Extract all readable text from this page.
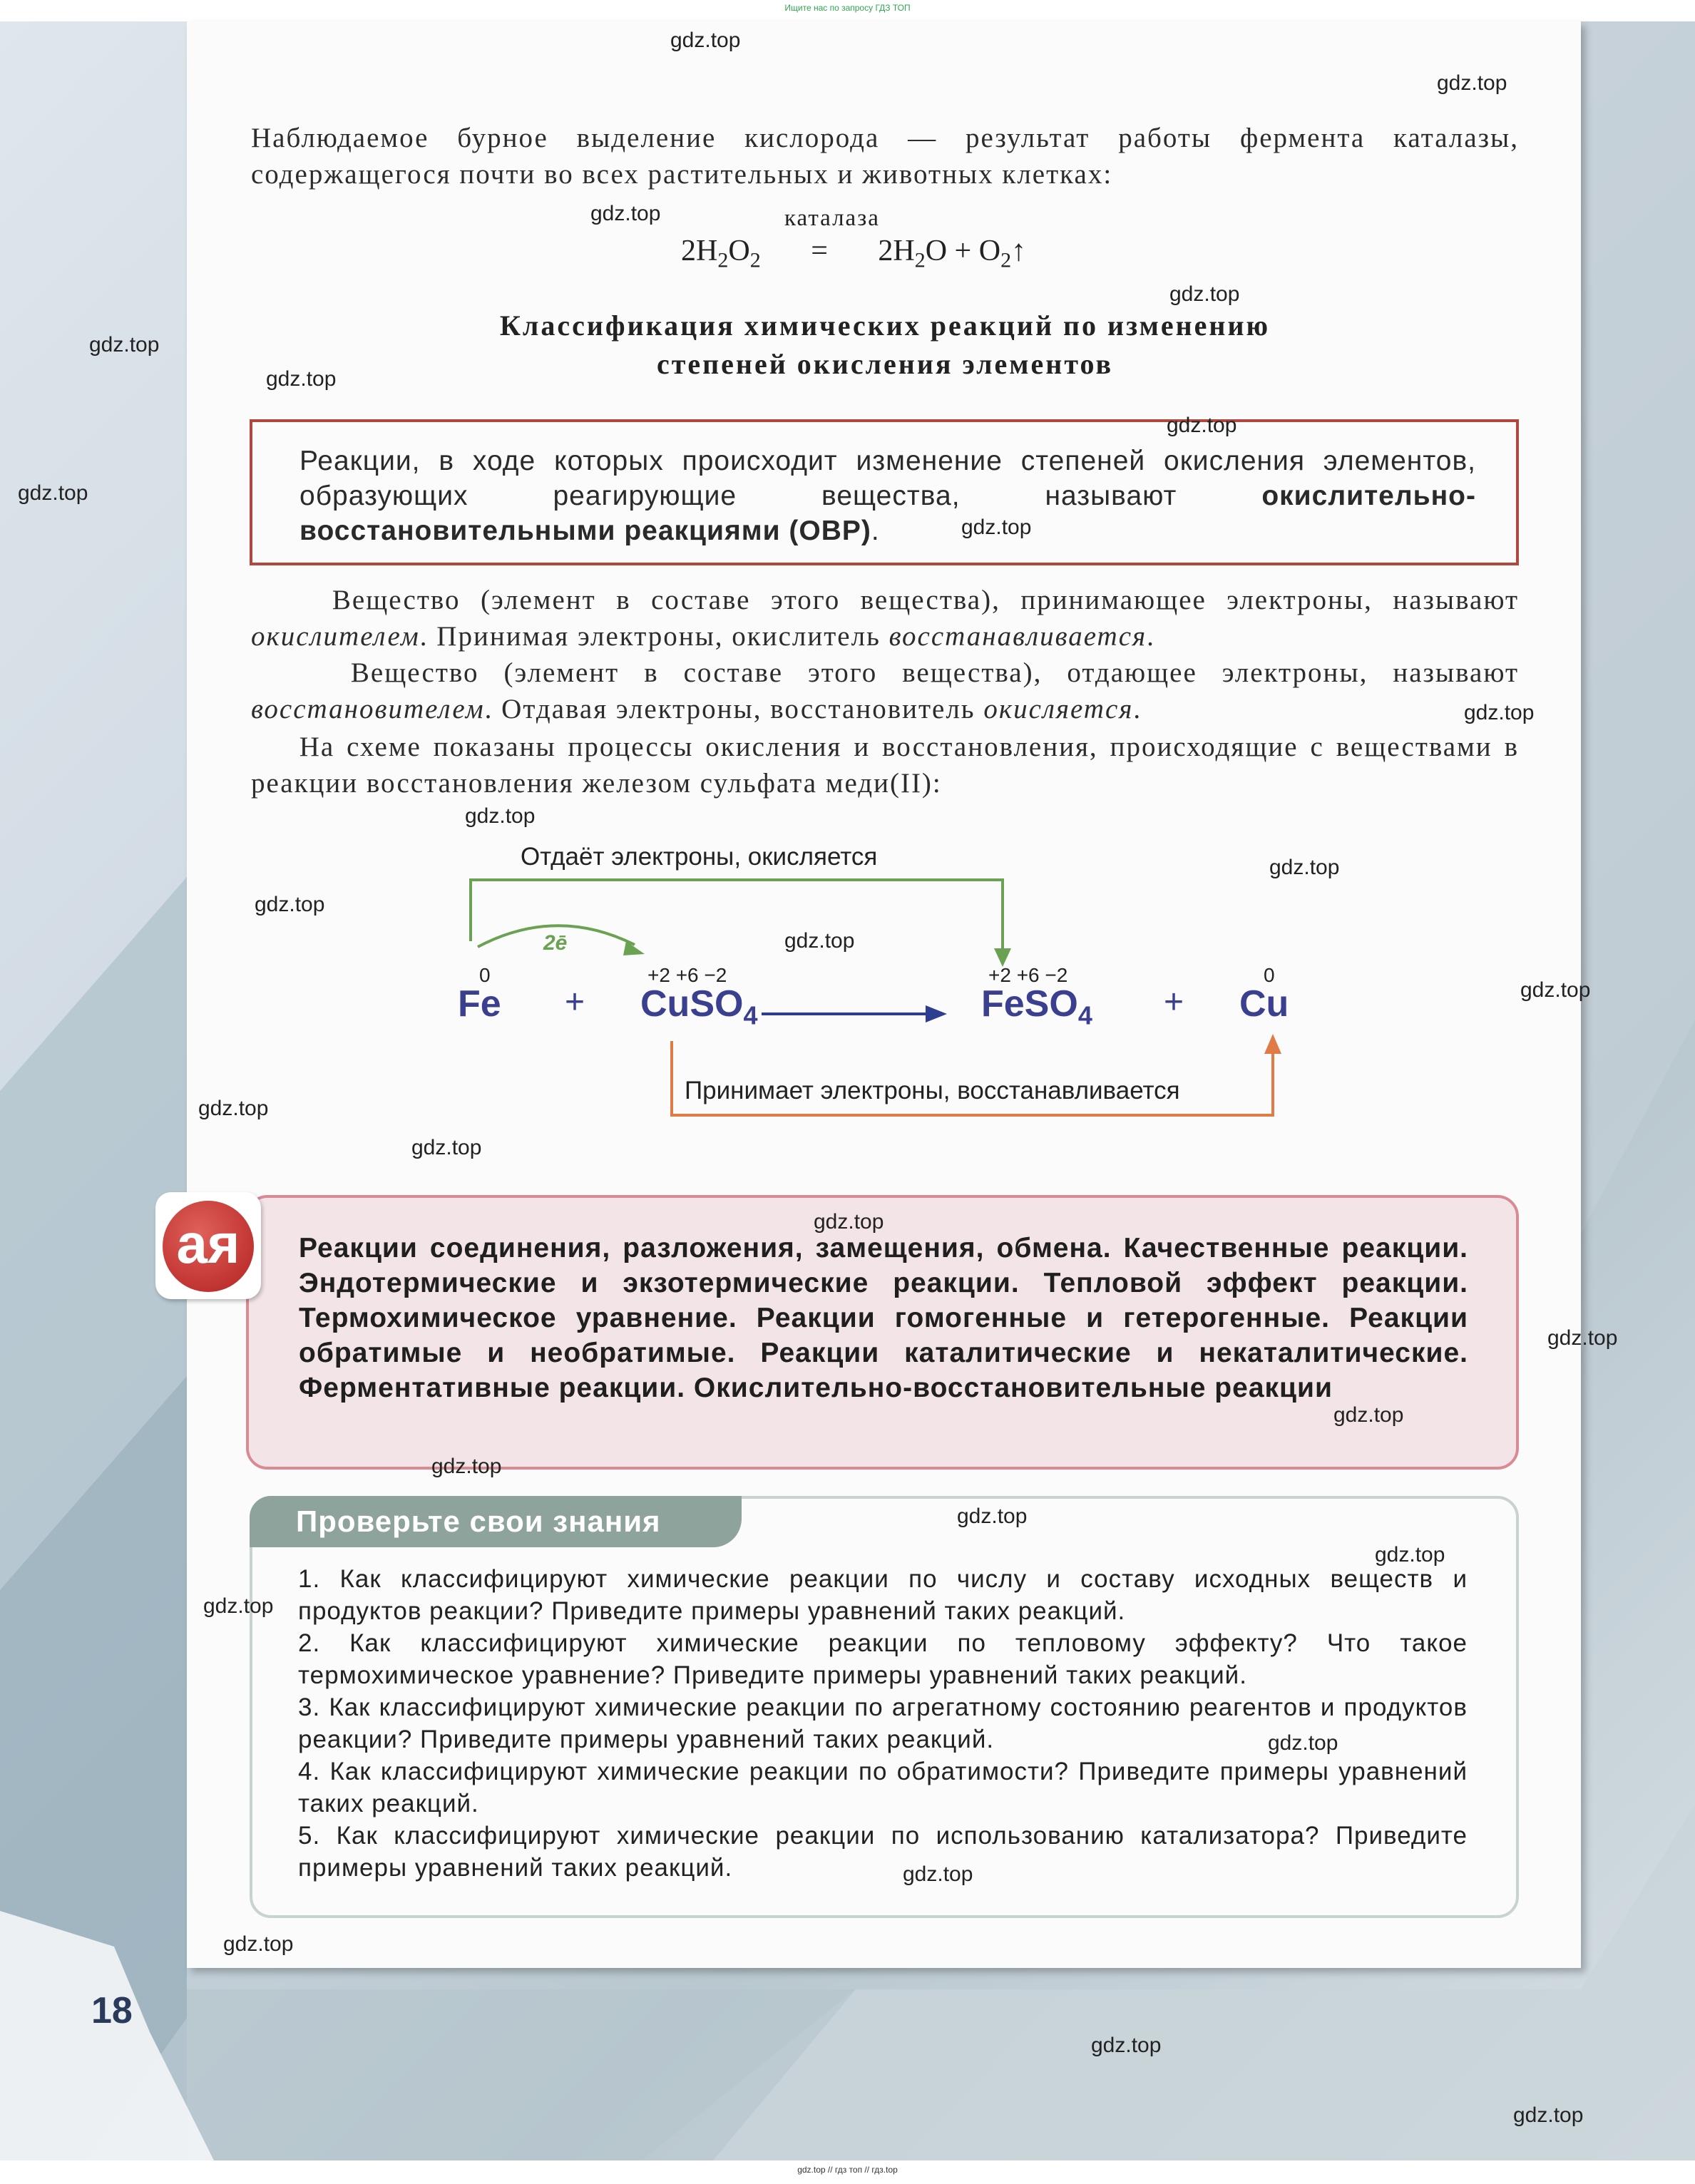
Ищите нас по запросу ГДЗ ТОП

Наблюдаемое бурное выделение кислорода — результат работы фермента каталазы, содержащегося почти во всех растительных и животных клетках:

каталаза
$2H_2O_2 = 2H_2O$ + $O_2↑$
Классификация химических реакций по изменению
степеней окисления элементов

Реакции, в ходе которых происходит изменение степеней окисления элементов, образующих реагирующие вещества, называют окислительно-восстановительными реакциями (ОВР).

Вещество (элемент в составе этого вещества), принимающее электроны, называют окислителем. Принимая электроны, окислитель восстанавливается.

Вещество (элемент в составе этого вещества), отдающее электроны, называют восстановителем. Отдавая электроны, восстановитель окисляется.

На схеме показаны процессы окисления и восстановления, происходящие с веществами в реакции восстановления железом сульфата меди(II):

Отдаёт электроны, окисляется
2ē
0
Fe +
+2 +6 −2
CuSO$_4$
+2 +6 −2
FeSO$_4$ +
0
Cu
Принимает электроны, восстанавливается

Реакции соединения, разложения, замещения, обмена. Качественные реакции. Эндотермические и экзотермические реакции. Тепловой эффект реакции. Термохимическое уравнение. Реакции гомогенные и гетерогенные. Реакции обратимые и необратимые. Реакции каталитические и некаталитические. Ферментативные реакции. Окислительно-восстановительные реакции

ая
Проверьте свои знания
1. Как классифицируют химические реакции по числу и составу исходных веществ и продуктов реакции? Приведите примеры уравнений таких реакций.
2. Как классифицируют химические реакции по тепловому эффекту? Что такое термохимическое уравнение? Приведите примеры уравнений таких реакций.
3. Как классифицируют химические реакции по агрегатному состоянию реагентов и продуктов реакции? Приведите примеры уравнений таких реакций.
4. Как классифицируют химические реакции по обратимости? Приведите примеры уравнений таких реакций.
5. Как классифицируют химические реакции по использованию катализатора? Приведите примеры уравнений таких реакций.
18
gdz.top
gdz.top
gdz.top
gdz.top
gdz.top
gdz.top
gdz.top
gdz.top
gdz.top
gdz.top
gdz.top
gdz.top
gdz.top
gdz.top
gdz.top
gdz.top
gdz.top
gdz.top
gdz.top
gdz.top
gdz.top
gdz.top
gdz.top
gdz.top
gdz.top
gdz.top
gdz.top
gdz.top
gdz.top
gdz.top // гдз топ // гдз.top
